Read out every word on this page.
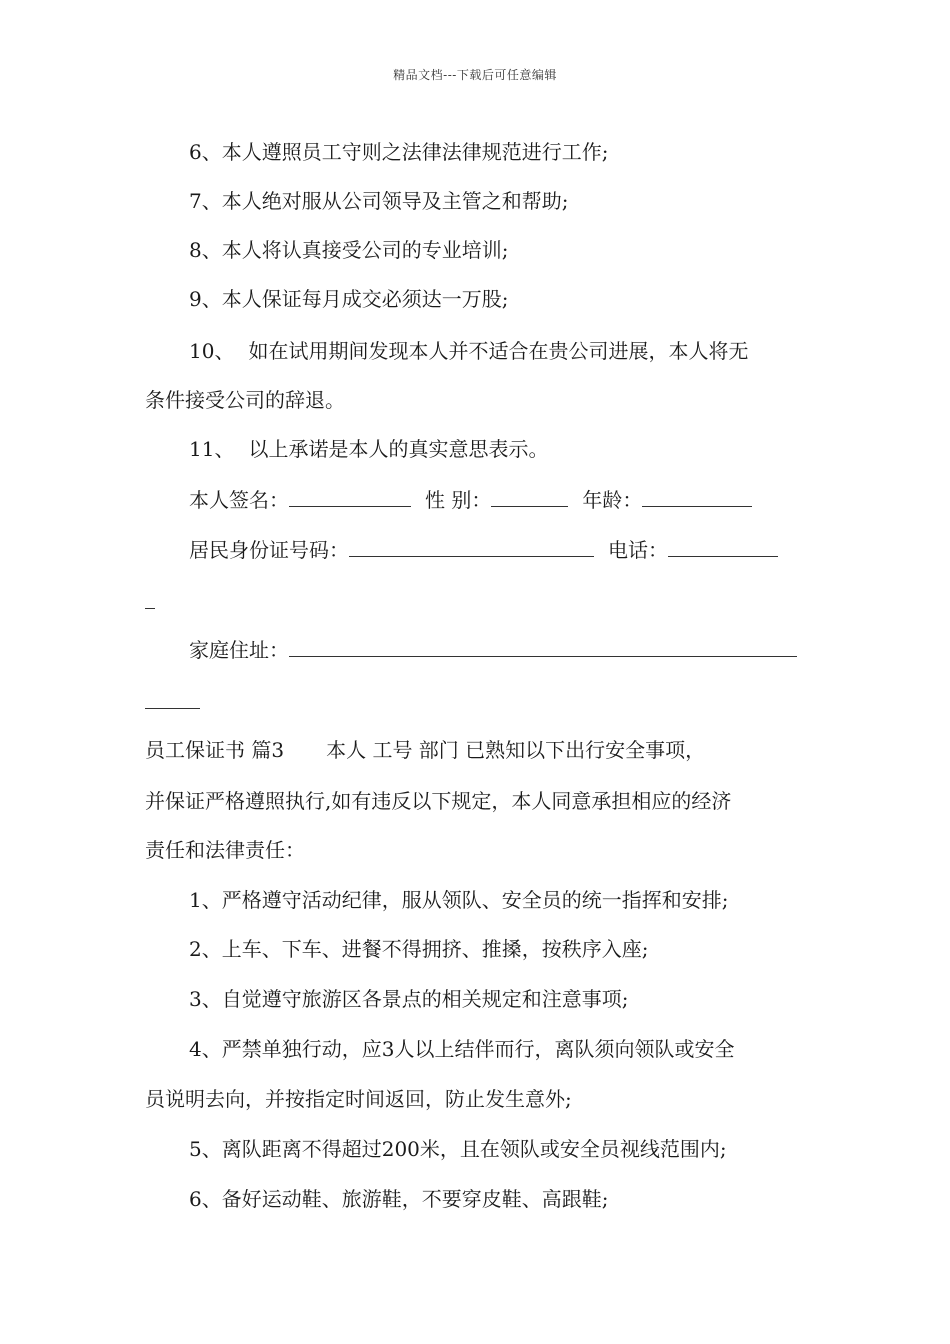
精品文档---下载后可任意编辑
6、本人遵照员工守则之法律法律规范进行工作;
7、本人绝对服从公司领导及主管之和帮助;
8、本人将认真接受公司的专业培训;
9、本人保证每月成交必须达一万股;
10、 如在试用期间发现本人并不适合在贵公司进展，本人将无
条件接受公司的辞退。
11、 以上承诺是本人的真实意思表示。
本人签名：	性 别：	年龄：
居民身份证号码：	电话：
家庭住址：
员工保证书 篇3 本人 工号 部门 已熟知以下出行安全事项，
并保证严格遵照执行,如有违反以下规定，本人同意承担相应的经济
责任和法律责任：
1、严格遵守活动纪律，服从领队、安全员的统一指挥和安排;
2、上车、下车、进餐不得拥挤、推搡，按秩序入座;
3、自觉遵守旅游区各景点的相关规定和注意事项;
4、严禁单独行动，应3人以上结伴而行，离队须向领队或安全
员说明去向，并按指定时间返回，防止发生意外;
5、离队距离不得超过200米，且在领队或安全员视线范围内;
6、备好运动鞋、旅游鞋，不要穿皮鞋、高跟鞋;
